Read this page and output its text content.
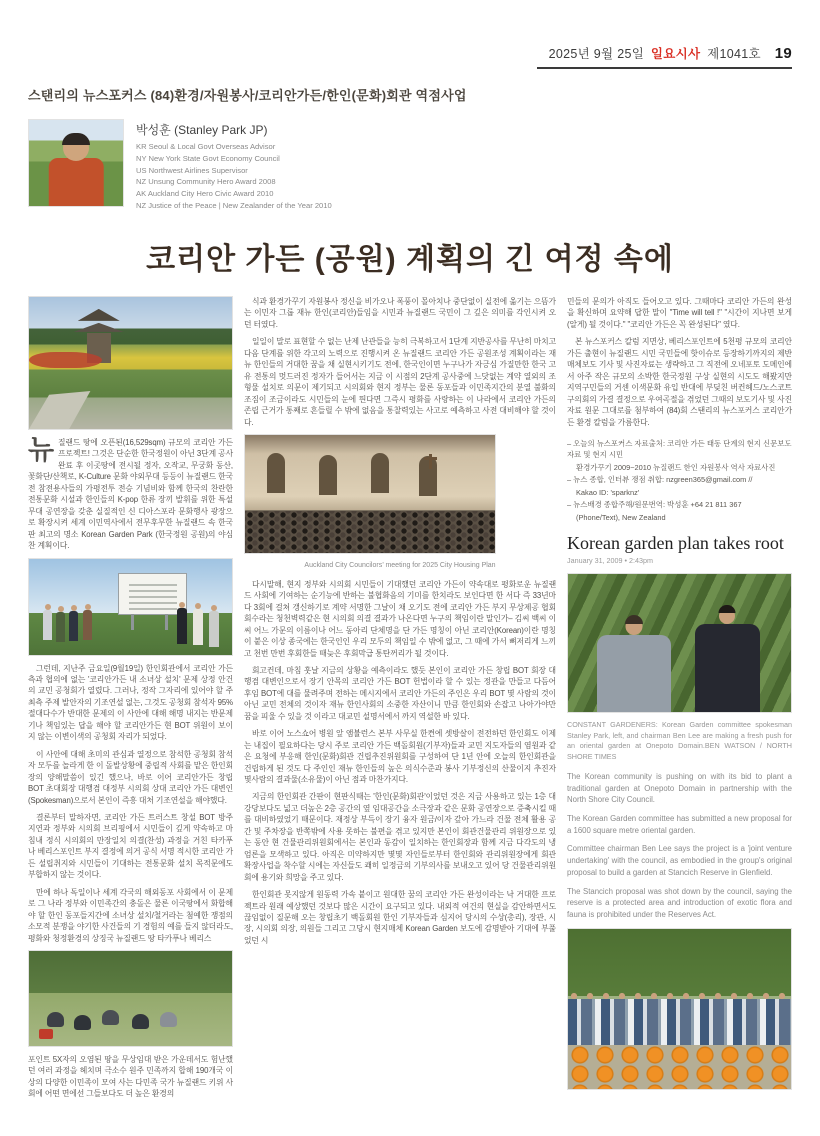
2025년 9월 25일 일요시사 제1041호 19
스탠리의 뉴스포커스 (84)환경/자원봉사/코리안가든/한인(문화)회관 역점사업
박성훈 (Stanley Park JP)
KR Seoul & Local Govt Overseas Advisor
NY New York State Govt Economy Council
US Northwest Airlines Supervisor
NZ Unsung Community Hero Award 2008
AK Auckland City Hero Civic Award 2010
NZ Justice of the Peace | New Zealander of the Year 2010
코리안 가든 (공원) 계획의 긴 여정 속에

뉴질랜드 땅에 오픈된(16,529sqm) 규모의 코리안 가든 프로젝트! 그것은 단순한 한국정원이 아닌 3단계 공사 완료 후 이곳땅에 전시될 정자, 오작교, 무궁화 동산, 꽃화단/산책로, K-Culture 문화 야외무대 등등이 뉴질랜드 한국전 참전용사들의 가평전투 전승 기념비와 함께 한국의 찬란한 전통문화 시설과 한인들의 K-pop 한류 장끼 발휘를 위한 특설무대 공연장을 갖춘 실질적인 신 디아스포라 문화행사 광장으로 확장시켜 세계 이민역사에서 전무후무한 뉴질랜드 속 한국판 최고의 명소 Korean Garden Park (한국정원 공원)의 야심찬 계획이다.

그런데, 지난주 금요일(9월19일) 한인회관에서 코리안 가든 측과 협의에 없는 '코리안가든 내 소녀상 설치' 문제 상정 안건의 교민 공청회가 열렸다. 그러나, 정작 그자리에 있어야 할 주최측 주제 발안자의 기조연설 없는, 그것도 공청회 참석자 95% 절대다수가 반대한 문제의 이 사안에 대해 해명 내지는 반문제기나 책임있는 답을 해야 할 코리안가든 현 BOT 위원이 보이지 않는 이변이색의 공청회 자리가 되었다.

이 사안에 대해 초미의 관심과 열정으로 참석한 공청회 참석자 모두를 놀라게 한 이 돌발상황에 중립적 사회를 맡은 한인회장의 양해말씀이 있긴 했으나, 바로 이어 코리안가든 창립 BOT 초대회장 대행겸 대정부 시의회 상대 코리안 가든 대변인(Spokesman)으로서 본인이 즉흥 대처 기조연설을 해야했다.

결론부터 말하자면, 코리안 가든 트러스트 창설 BOT 방주 지연과 정부와 시의회 브리핑에서 시민들이 깊게 약속하고 마침내 정식 시의회의 만장일치 의결(찬성) 과정을 거친 타카푸나 베리스포인트 부지 결정에 의거 공식 서명 적시한 코리안 가든 설립취지와 시민들이 기대하는 전통문화 설치 목적문에도 부합하지 않는 것이다.

만에 하나 독일이나 세계 각국의 해외동포 사회에서 이 문제로 그 나라 정부와 이민족간의 충돌은 물론 이국땅에서 화합해야 할 한인 동포들지간에 소녀상 설치/철거라는 첨예한 쟁점의 소모적 분쟁을 야기한 사건들의 기 경험의 예를 들지 않더라도, 평화와 청정환경의 상징국 뉴질랜드 땅 타카푸나 베리스

포인트 5X자의 오염된 땅을 무상임대 받은 가운데서도 험난했던 여러 과정을 헤치며 극소수 원주 민족까지 합해 190개국 이상의 다양한 이민족이 모여 사는 다민족 국가 뉴질랜드 키위 사회에 어떤 면에선 그들보다도 더 높은 환경의

식과 환경가꾸기 자원봉사 정신을 비가오나 폭풍이 몰아치나 중단없이 실전에 옮기는 으뜸가는 이민자 그룹 재뉴 한인(코리안)들임을 시민과 뉴질랜드 국민이 그 깊은 의미를 각인시켜 오던 터였다.

일일이 말로 표현할 수 없는 난제 난관들을 능히 극복하고서 1단계 지반공사를 무난히 마치고 다음 단계를 위한 각고의 노력으로 진행시켜 온 뉴질랜드 코리안 가든 공원조성 계획이라는 재뉴 한인들의 거대한 꿈을 채 실현시키기도 전에, 한국인이면 누구나가 자긍심 가질만한 한국 고유 전통의 멋드러진 정자가 들어서는 지금 이 시점의 2단계 공사중에 느닷없는 계약 열외의 조형물 설치로 의문이 제기되고 시의회와 현지 정부는 물론 동포들과 이민족지간의 분열 불화의 조짐이 조금이라도 시민들의 눈에 띈다면 그즉시 평화를 사랑하는 이 나라에서 코리안 가든의 존립 근거가 통째로 흔들릴 수 밖에 없음을 통찰력있는 사고로 예측하고 사전 대비해야 할 것이다.

Auckland City Councilors’ meeting for 2025 City Housing Plan

다시말해, 현지 정부와 시의회 시민들이 기대했던 코리안 가든이 약속대로 평화로운 뉴질랜드 사회에 기여하는 순기능에 반하는 불협화음의 기미를 한치라도 보인다면 한 서다 즉 33년마다 3회에 걸쳐 갱신하기로 계약 서명한 그날이 채 오기도 전에 코리안 가든 부지 무상제공 협회 회수라는 청천벽력같은 현 시의회 의결 결과가 나온다면 누구의 책임이란 말인가– 김씨 백씨 이씨 어느 가문의 이름이나 어느 동아리 단체명을 단 가든 명칭이 아닌 코리안(Korean)이란 명칭이 붙은 이상 종국에는 한국인인 우리 모두의 책임일 수 밖에 없고, 그 때에 가서 뼈저리게 느끼고 천번 만번 후회한들 때늦은 후회막급 통탄꺼리가 될 것이다.

회고컨데, 마침 훗날 지금의 상황을 예측이라도 했듯 본인이 코리안 가든 창립 BOT 회장 대행겸 대변인으로서 장기 안목의 코리안 가든 BOT 헌법이라 할 수 있는 정관을 만들고 다듬어 후임 BOT에 대를 물려주며 전하는 메시지에서 코리안 가든의 주인은 우리 BOT 몇 사람의 것이 아닌 교민 전체의 것이자 재뉴 한인사회의 소중한 자산이니 만큼 한인회와 손잡고 나아가야만 꿈을 피울 수 있을 것 이라고 대교민 설명서에서 까지 역설한 바 있다.

바로 이어 노스쇼어 병원 앞 앰뷸런스 본부 사무실 한켠에 셋방살이 전전하던 한인회도 이제는 내집이 필요하다는 당시 주로 코리안 가든 백돌회원(기부자)들과 교민 지도자들의 염원과 같은 요청에 부응해 한인(문화)회관 건립추진위원회를 구성하여 단 1년 안에 오늘의 한인회관을 건립하게 된 것도 다 주인인 재뉴 한인들의 높은 의식수준과 봉사 기부정신의 산물이지 추진자 몇사람의 결과물(소유물)이 아닌 점과 마찬가지다.

지금의 한인회관 간판이 현판식때는 '한인(문화)회관'이었던 것은 지금 사용하고 있는 1층 대강당보다도 넓고 더높은 2층 공간의 옆 임대공간을 소극장과 같은 문화 공연장으로 증축시킬 때를 대비하였었기 때문이다. 재정상 부득이 장기 융자 원금/이자 갚아 가느라 건물 전체 활용 공간 및 주차장을 반쪽밖에 사용 못하는 불편을 겪고 있지만 본인이 회관건물관리 위원장으로 있는 동안 현 건물관리위원회에서는 본인과 동감이 일치하는 한인회장과 함께 지금 다각도의 냉엄론을 모색하고 있다. 아직은 미약하지만 몇몇 자인들로부터 한인회와 관리위원장에게 회관 확장사업을 착수할 시에는 자신들도 쾌히 일정금의 기부의사를 보내오고 있어 당 건물관리위원회에 용기와 희망을 주고 있다.

한인회관 못지않게 원동력 가속 붙이고 원대한 꿈의 코리안 가든 완성이라는 낙 거대한 프로젝트라 원래 예상했던 것보다 많은 시간이 요구되고 있다. 내외적 여건의 현실을 감안하면서도 끊임없이 질문해 오는 창립초기 백돌회원 한인 기부자들과 심지어 당시의 수상(총리), 장관, 시장, 시의회 의장, 의원들 그리고 그당시 현지매체 Korean Garden 보도에 감명받아 기대에 부풀었던 시

민들의 문의가 아직도 들어오고 있다. 그때마다 코리안 가든의 완성을 확신하며 요약해 답한 말이 "Time will tell !" "시간이 지나면 보게(알게) 될 것이다." "코리안 가든은 꼭 완성된다" 였다.

본 뉴스포커스 칼럼 지면상, 베리스포인트에 5천평 규모의 코리안 가든 출현이 뉴질랜드 시민 국민들에 핫이슈로 등장하기까지의 제반 매체보도 기사 및 사진자료는 생략하고 그 직전에 오네포토 도메인에서 아주 작은 규모의 소박한 한국정원 구상 실현의 시도도 해봤지만 지역구민들의 거센 이색문화 유입 반대에 부딪친 버컨헤드/노스코트 구의회의 가결 결정으로 우여곡절을 겪었던 그때의 보도기사 및 사진자료 원문 그대로를 첨부하여 (84)회 스탠리의 뉴스포커스 코리안가든 환경 칼럼을 가름한다.

– 오늘의 뉴스포커스 자료출처: 코리안 가든 태동 단계의 현지 신문보도 자료 및 현지 시민
환경가꾸기 2009~2010 뉴질랜드 한인 자원봉사 역사 자료사진
– 뉴스 종합, 인터뷰 쟁점 취합: nzgreen365@gmail.com //
Kakao ID: 'sparknz'
– 뉴스배경 종합주해/원문번역: 박성훈 +64 21 811 367
(Phone/Text), New Zealand
Korean garden plan takes root
January 31, 2009 • 2:43pm

CONSTANT GARDENERS: Korean Garden committee spokesman Stanley Park, left, and chairman Ben Lee are making a fresh push for an oriental garden at Onepoto Domain.BEN WATSON / NORTH SHORE TIMES

The Korean community is pushing on with its bid to plant a traditional garden at Onepoto Domain in partnership with the North Shore City Council.

The Korean Garden committee has submitted a new proposal for a 1600 square metre oriental garden.

Committee chairman Ben Lee says the project is a 'joint venture undertaking' with the council, as embodied in the group's original proposal to build a garden at Stancich Reserve in Glenfield.

The Stancich proposal was shot down by the council, saying the reserve is a protected area and introduction of exotic flora and fauna is prohibited under the Reserves Act.
